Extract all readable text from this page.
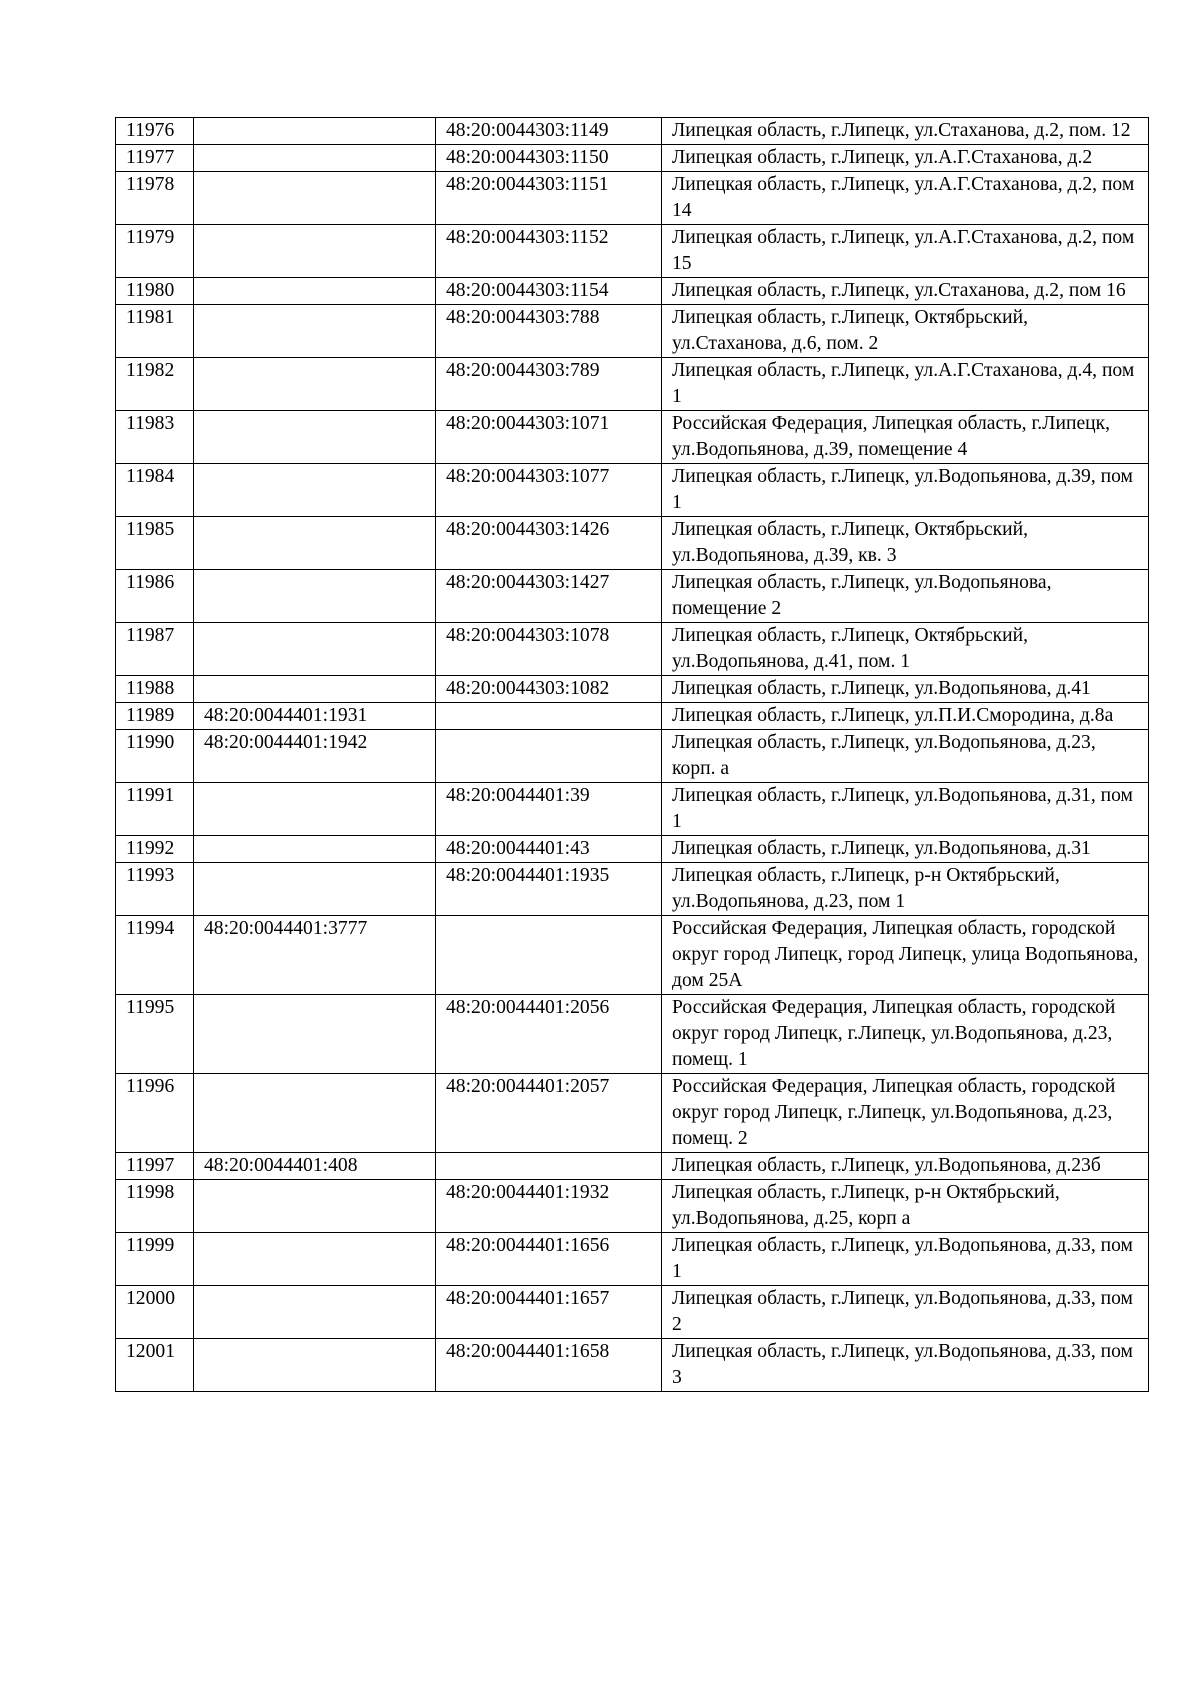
11976		48:20:0044303:1149	Липецкая область, г.Липецк, ул.Стаханова, д.2, пом. 12
11977		48:20:0044303:1150	Липецкая область, г.Липецк, ул.А.Г.Стаханова, д.2
11978		48:20:0044303:1151	Липецкая область, г.Липецк, ул.А.Г.Стаханова, д.2, пом 14
11979		48:20:0044303:1152	Липецкая область, г.Липецк, ул.А.Г.Стаханова, д.2, пом 15
11980		48:20:0044303:1154	Липецкая область, г.Липецк, ул.Стаханова, д.2, пом 16
11981		48:20:0044303:788	Липецкая область, г.Липецк, Октябрьский, ул.Стаханова, д.6, пом. 2
11982		48:20:0044303:789	Липецкая область, г.Липецк, ул.А.Г.Стаханова, д.4, пом 1
11983		48:20:0044303:1071	Российская Федерация, Липецкая область, г.Липецк, ул.Водопьянова, д.39, помещение 4
11984		48:20:0044303:1077	Липецкая область, г.Липецк, ул.Водопьянова, д.39, пом 1
11985		48:20:0044303:1426	Липецкая область, г.Липецк, Октябрьский, ул.Водопьянова, д.39, кв. 3
11986		48:20:0044303:1427	Липецкая область, г.Липецк, ул.Водопьянова, помещение 2
11987		48:20:0044303:1078	Липецкая область, г.Липецк, Октябрьский, ул.Водопьянова, д.41, пом. 1
11988		48:20:0044303:1082	Липецкая область, г.Липецк, ул.Водопьянова, д.41
11989	48:20:0044401:1931		Липецкая область, г.Липецк, ул.П.И.Смородина, д.8а
11990	48:20:0044401:1942		Липецкая область, г.Липецк, ул.Водопьянова, д.23, корп. а
11991		48:20:0044401:39	Липецкая область, г.Липецк, ул.Водопьянова, д.31, пом 1
11992		48:20:0044401:43	Липецкая область, г.Липецк, ул.Водопьянова, д.31
11993		48:20:0044401:1935	Липецкая область, г.Липецк, р-н Октябрьский, ул.Водопьянова, д.23, пом 1
11994	48:20:0044401:3777		Российская Федерация, Липецкая область, городской округ город Липецк, город Липецк, улица Водопьянова, дом 25А
11995		48:20:0044401:2056	Российская Федерация, Липецкая область, городской округ город Липецк, г.Липецк, ул.Водопьянова, д.23, помещ. 1
11996		48:20:0044401:2057	Российская Федерация, Липецкая область, городской округ город Липецк, г.Липецк, ул.Водопьянова, д.23, помещ. 2
11997	48:20:0044401:408		Липецкая область, г.Липецк, ул.Водопьянова, д.23б
11998		48:20:0044401:1932	Липецкая область, г.Липецк, р-н Октябрьский, ул.Водопьянова, д.25, корп а
11999		48:20:0044401:1656	Липецкая область, г.Липецк, ул.Водопьянова, д.33, пом 1
12000		48:20:0044401:1657	Липецкая область, г.Липецк, ул.Водопьянова, д.33, пом 2
12001		48:20:0044401:1658	Липецкая область, г.Липецк, ул.Водопьянова, д.33, пом 3
